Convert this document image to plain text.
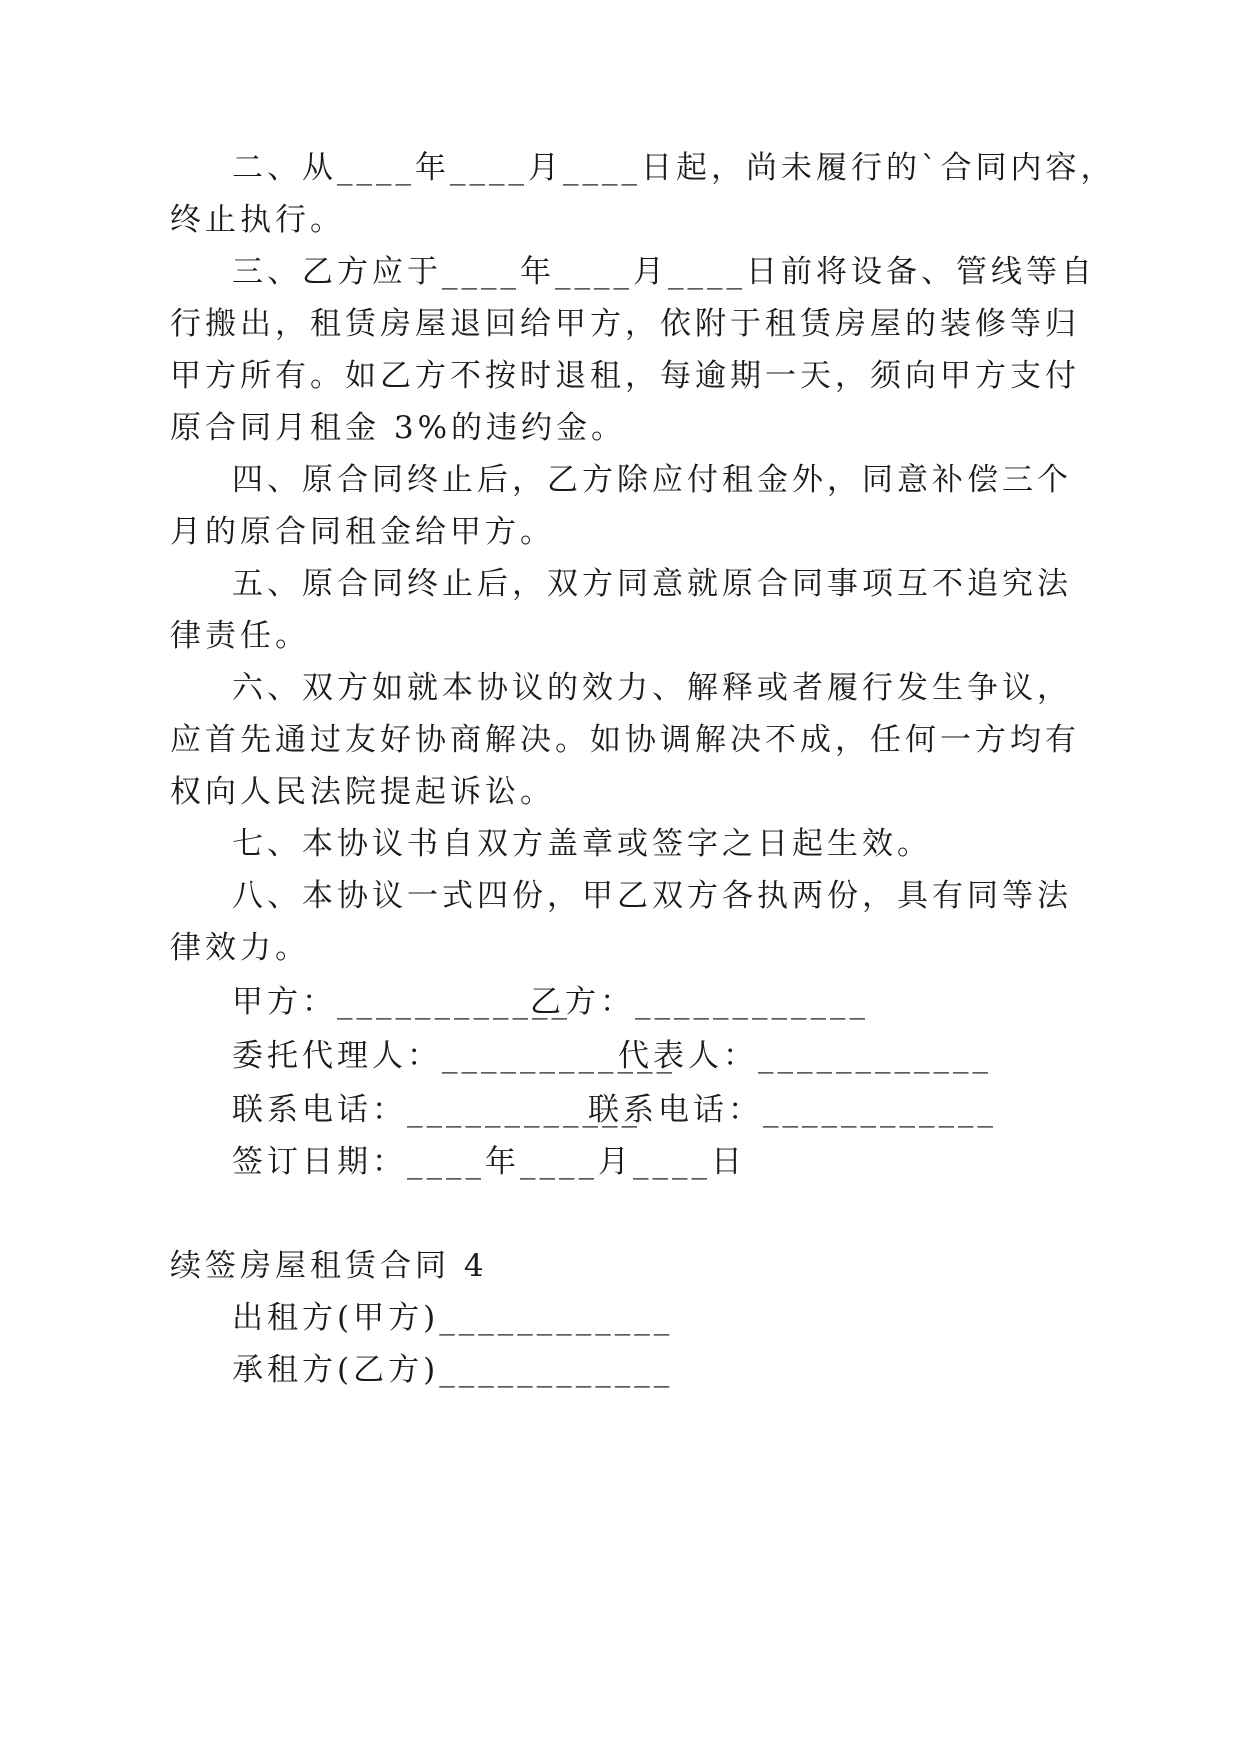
二、从____年____月____日起，尚未履行的`合同内容，
终止执行。
三、乙方应于____年____月____日前将设备、管线等自
行搬出，租赁房屋退回给甲方，依附于租赁房屋的装修等归
甲方所有。如乙方不按时退租，每逾期一天，须向甲方支付
原合同月租金 3%的违约金。
四、原合同终止后，乙方除应付租金外，同意补偿三个
月的原合同租金给甲方。
五、原合同终止后，双方同意就原合同事项互不追究法
律责任。
六、双方如就本协议的效力、解释或者履行发生争议，
应首先通过友好协商解决。如协调解决不成，任何一方均有
权向人民法院提起诉讼。
七、本协议书自双方盖章或签字之日起生效。
八、本协议一式四份，甲乙双方各执两份，具有同等法
律效力。
甲方：____________
乙方：____________
委托代理人：____________
代表人：____________
联系电话：____________
联系电话：____________
签订日期：____年____月____日
续签房屋租赁合同 4
出租方(甲方)____________
承租方(乙方)____________
